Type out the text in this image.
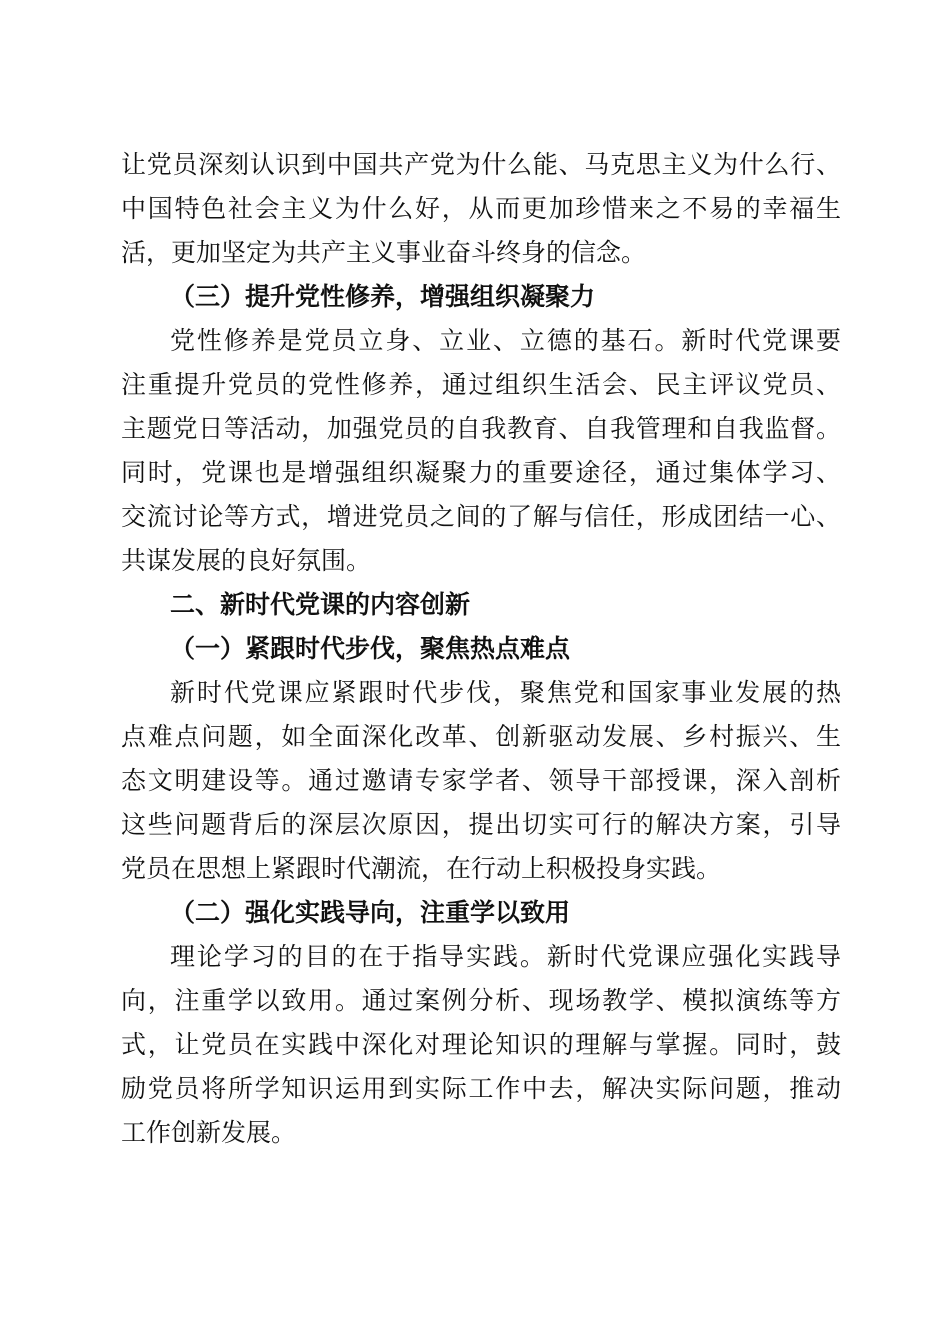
让党员深刻认识到中国共产党为什么能、马克思主义为什么行、
中国特色社会主义为什么好，从而更加珍惜来之不易的幸福生
活，更加坚定为共产主义事业奋斗终身的信念。
（三）提升党性修养，增强组织凝聚力
党性修养是党员立身、立业、立德的基石。新时代党课要
注重提升党员的党性修养，通过组织生活会、民主评议党员、
主题党日等活动，加强党员的自我教育、自我管理和自我监督。
同时，党课也是增强组织凝聚力的重要途径，通过集体学习、
交流讨论等方式，增进党员之间的了解与信任，形成团结一心、
共谋发展的良好氛围。
二、新时代党课的内容创新
（一）紧跟时代步伐，聚焦热点难点
新时代党课应紧跟时代步伐，聚焦党和国家事业发展的热
点难点问题，如全面深化改革、创新驱动发展、乡村振兴、生
态文明建设等。通过邀请专家学者、领导干部授课，深入剖析
这些问题背后的深层次原因，提出切实可行的解决方案，引导
党员在思想上紧跟时代潮流，在行动上积极投身实践。
（二）强化实践导向，注重学以致用
理论学习的目的在于指导实践。新时代党课应强化实践导
向，注重学以致用。通过案例分析、现场教学、模拟演练等方
式，让党员在实践中深化对理论知识的理解与掌握。同时，鼓
励党员将所学知识运用到实际工作中去，解决实际问题，推动
工作创新发展。
